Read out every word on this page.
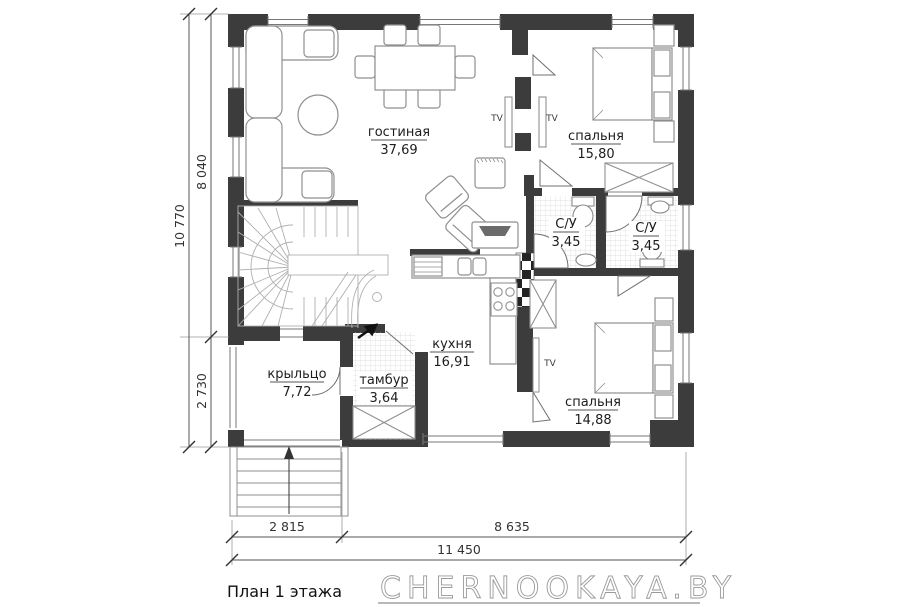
гостиная
37,69
спальня
15,80
С/У
3,45
С/У
3,45
кухня
16,91
спальня
14,88
крыльцо
7,72
тамбур
3,64
TV	TV
TV
8 040
2 730
10 770
2 815	8 635
11 450
План 1 этажа CHERNOOKAYA.BY
